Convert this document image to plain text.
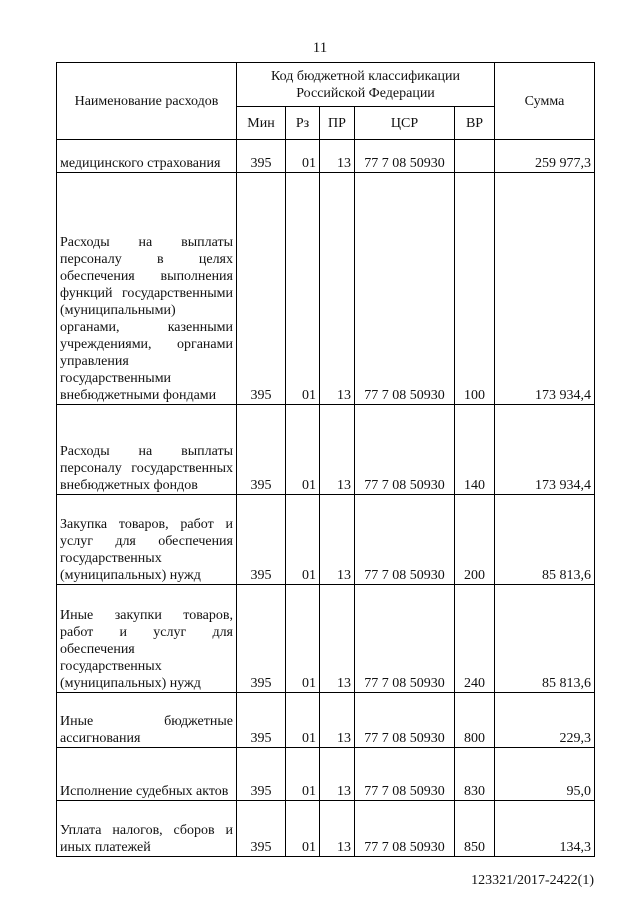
11
Наименование расходов	Код бюджетной классификации Российской Федерации					Сумма
	Мин	Рз	ПР	ЦСР	ВР	
медицинского страхования	395	01	13	77 7 08 50930		259 977,3
Расходы на выплаты персоналу в целях обеспечения выполнения функций государственными (муниципальными) органами, казенными учреждениями, органами управления государственными внебюджетными фондами	395	01	13	77 7 08 50930	100	173 934,4
Расходы на выплаты персоналу государственных внебюджетных фондов	395	01	13	77 7 08 50930	140	173 934,4
Закупка товаров, работ и услуг для обеспечения государственных (муниципальных) нужд	395	01	13	77 7 08 50930	200	85 813,6
Иные закупки товаров, работ и услуг для обеспечения государственных (муниципальных) нужд	395	01	13	77 7 08 50930	240	85 813,6
Иные бюджетные ассигнования	395	01	13	77 7 08 50930	800	229,3
Исполнение судебных актов	395	01	13	77 7 08 50930	830	95,0
Уплата налогов, сборов и иных платежей	395	01	13	77 7 08 50930	850	134,3
123321/2017-2422(1)
